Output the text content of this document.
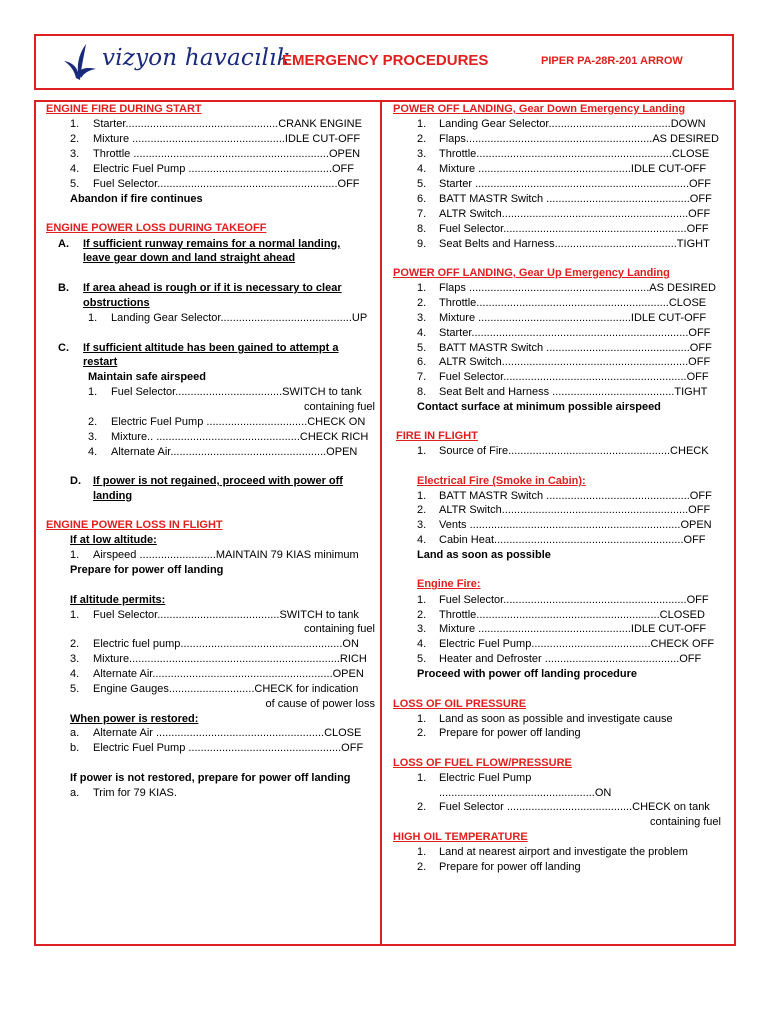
vizyon havacılık
EMERGENCY PROCEDURES	PIPER PA-28R-201 ARROW
ENGINE FIRE DURING START
1. Starter..................................................CRANK ENGINE
2. Mixture ..................................................IDLE CUT-OFF
3. Throttle ................................................................OPEN
4. Electric Fuel Pump ...............................................OFF
5. Fuel Selector...........................................................OFF
Abandon if fire continues
ENGINE POWER LOSS DURING TAKEOFF
A. If sufficient runway remains for a normal landing,
leave gear down and land straight ahead
B. If area ahead is rough or if it is necessary to clear
obstructions
1. Landing Gear Selector...........................................UP
C. If sufficient altitude has been gained to attempt a
restart
Maintain safe airspeed
1. Fuel Selector...................................SWITCH to tank
containing fuel
2. Electric Fuel Pump .................................CHECK ON
3. Mixture.. ...............................................CHECK RICH
4. Alternate Air...................................................OPEN
D. If power is not regained, proceed with power off
landing
ENGINE POWER LOSS IN FLIGHT
If at low altitude:
1. Airspeed .........................MAINTAIN 79 KIAS minimum
Prepare for power off landing
If altitude permits:
1. Fuel Selector........................................SWITCH to tank
containing fuel
2. Electric fuel pump.....................................................ON
3. Mixture.....................................................................RICH
4. Alternate Air...........................................................OPEN
5. Engine Gauges............................CHECK for indication
of cause of power loss
When power is restored:
a. Alternate Air .......................................................CLOSE
b. Electric Fuel Pump ..................................................OFF
If power is not restored, prepare for power off landing
a. Trim for 79 KIAS.
POWER OFF LANDING, Gear Down Emergency Landing
1. Landing Gear Selector........................................DOWN
2. Flaps.............................................................AS DESIRED
3. Throttle................................................................CLOSE
4. Mixture ..................................................IDLE CUT-OFF
5. Starter ......................................................................OFF
6. BATT MASTR Switch ...............................................OFF
7. ALTR Switch.............................................................OFF
8. Fuel Selector............................................................OFF
9. Seat Belts and Harness........................................TIGHT
POWER OFF LANDING, Gear Up Emergency Landing
1. Flaps ...........................................................AS DESIRED
2. Throttle...............................................................CLOSE
3. Mixture ..................................................IDLE CUT-OFF
4. Starter.......................................................................OFF
5. BATT MASTR Switch ...............................................OFF
6. ALTR Switch.............................................................OFF
7. Fuel Selector............................................................OFF
8. Seat Belt and Harness ........................................TIGHT
Contact surface at minimum possible airspeed
FIRE IN FLIGHT
1. Source of Fire.....................................................CHECK
Electrical Fire (Smoke in Cabin):
1. BATT MASTR Switch ...............................................OFF
2. ALTR Switch.............................................................OFF
3. Vents .....................................................................OPEN
4. Cabin Heat..............................................................OFF
Land as soon as possible
Engine Fire:
1. Fuel Selector............................................................OFF
2. Throttle............................................................CLOSED
3. Mixture ..................................................IDLE CUT-OFF
4. Electric Fuel Pump.......................................CHECK OFF
5. Heater and Defroster ............................................OFF
Proceed with power off landing procedure
LOSS OF OIL PRESSURE
1. Land as soon as possible and investigate cause
2. Prepare for power off landing
LOSS OF FUEL FLOW/PRESSURE
1. Electric Fuel Pump
...................................................ON
2. Fuel Selector .........................................CHECK on tank
containing fuel
HIGH OIL TEMPERATURE
1. Land at nearest airport and investigate the problem
2. Prepare for power off landing
